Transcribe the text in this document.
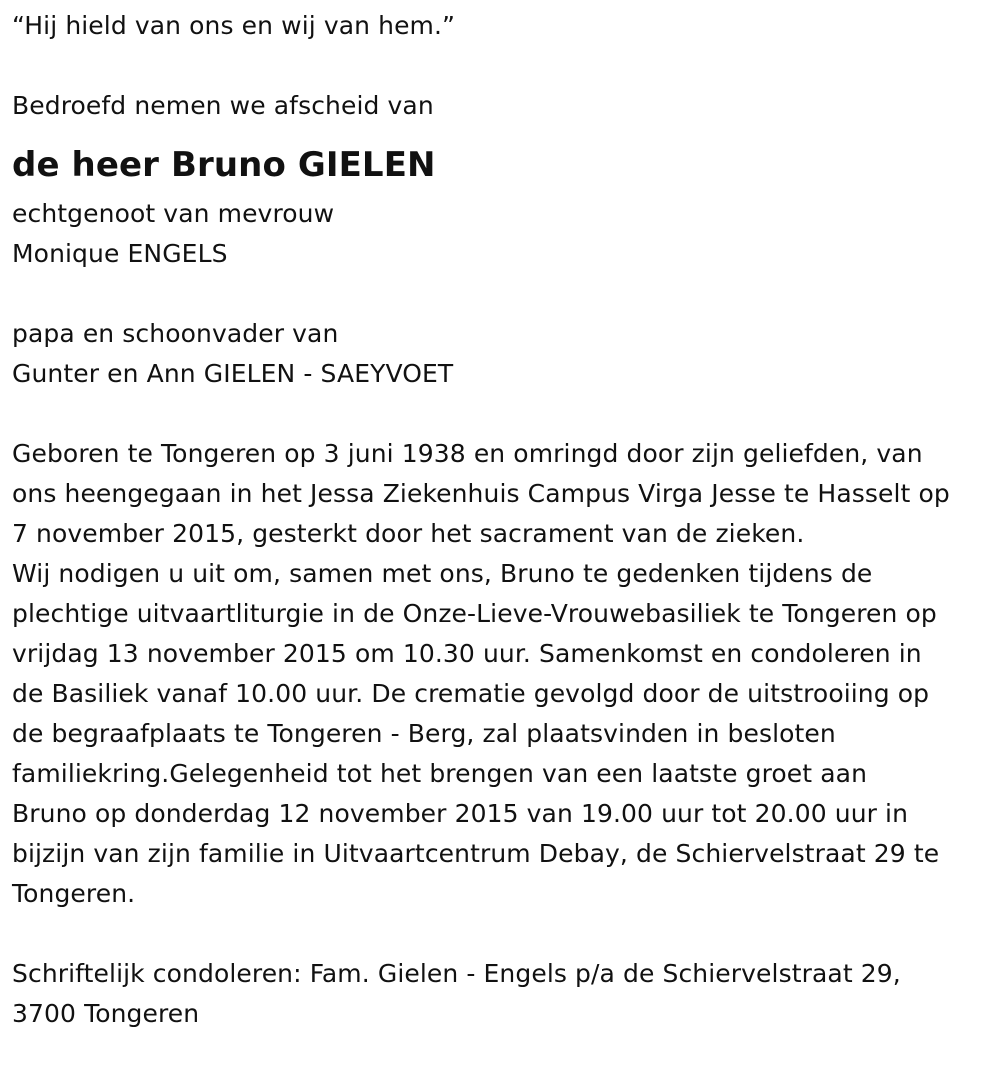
“Hij hield van ons en wij van hem.”
Bedroefd nemen we afscheid van
de heer Bruno GIELEN
echtgenoot van mevrouw
Monique ENGELS
papa en schoonvader van
Gunter en Ann GIELEN - SAEYVOET
Geboren te Tongeren op 3 juni 1938 en omringd door zijn geliefden, van
ons heengegaan in het Jessa Ziekenhuis Campus Virga Jesse te Hasselt op
7 november 2015, gesterkt door het sacrament van de zieken.
Wij nodigen u uit om, samen met ons, Bruno te gedenken tijdens de
plechtige uitvaartliturgie in de Onze-Lieve-Vrouwebasiliek te Tongeren op
vrijdag 13 november 2015 om 10.30 uur. Samenkomst en condoleren in
de Basiliek vanaf 10.00 uur. De crematie gevolgd door de uitstrooiing op
de begraafplaats te Tongeren - Berg, zal plaatsvinden in besloten
familiekring.Gelegenheid tot het brengen van een laatste groet aan
Bruno op donderdag 12 november 2015 van 19.00 uur tot 20.00 uur in
bijzijn van zijn familie in Uitvaartcentrum Debay, de Schiervelstraat 29 te
Tongeren.
Schriftelijk condoleren: Fam. Gielen - Engels p/a de Schiervelstraat 29,
3700 Tongeren
